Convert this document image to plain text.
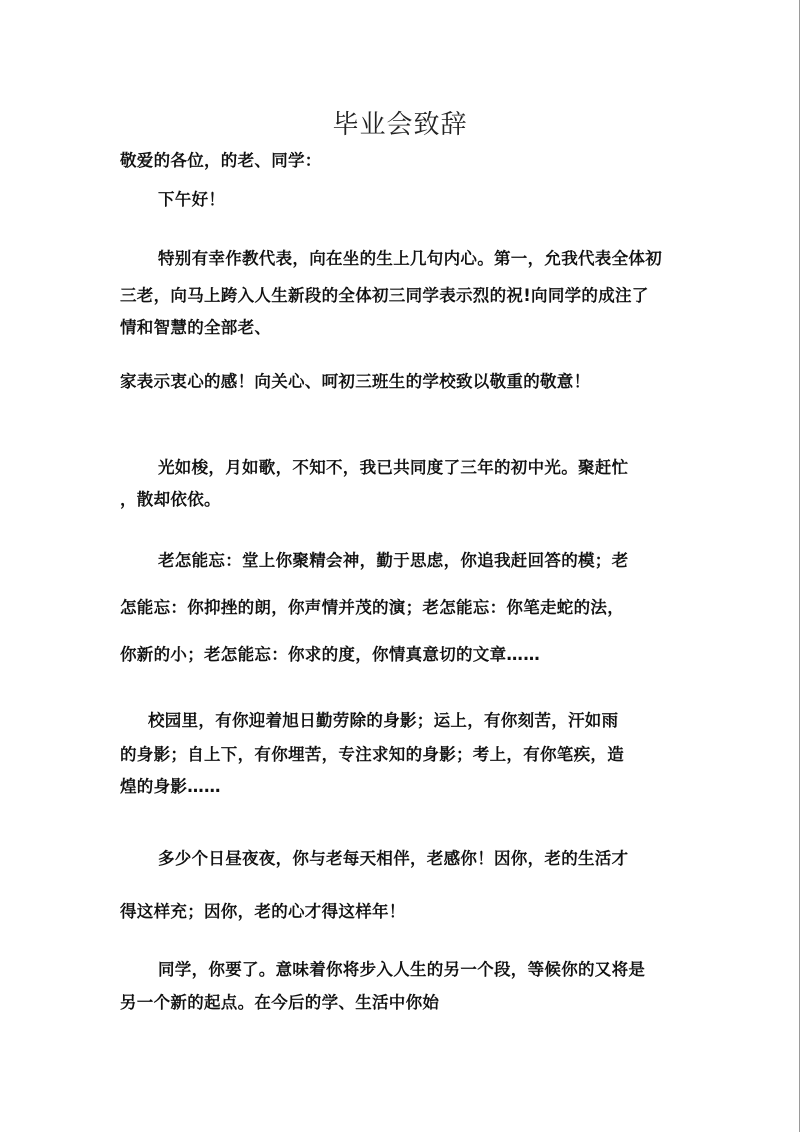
毕业会致辞
敬爱的各位，的老、同学：
下午好！
特别有幸作教代表，向在坐的生上几句内心。第一，允我代表全体初
三老，向马上跨入人生新段的全体初三同学表示烈的祝!向同学的成注了
情和智慧的全部老、
家表示衷心的感！向关心、呵初三班生的学校致以敬重的敬意！
光如梭，月如歌，不知不，我已共同度了三年的初中光。聚赶忙
，散却依依。
老怎能忘：堂上你聚精会神，勤于思虑，你追我赶回答的模；老
怎能忘：你抑挫的朗，你声情并茂的演；老怎能忘：你笔走蛇的法，
你新的小；老怎能忘：你求的度，你情真意切的文章……
校园里，有你迎着旭日勤劳除的身影；运上，有你刻苦，汗如雨
的身影；自上下，有你埋苦，专注求知的身影；考上，有你笔疾，造
煌的身影……
多少个日昼夜夜，你与老每天相伴，老感你！因你，老的生活才
得这样充；因你，老的心才得这样年！
同学，你要了。意味着你将步入人生的另一个段，等候你的又将是
另一个新的起点。在今后的学、生活中你始
